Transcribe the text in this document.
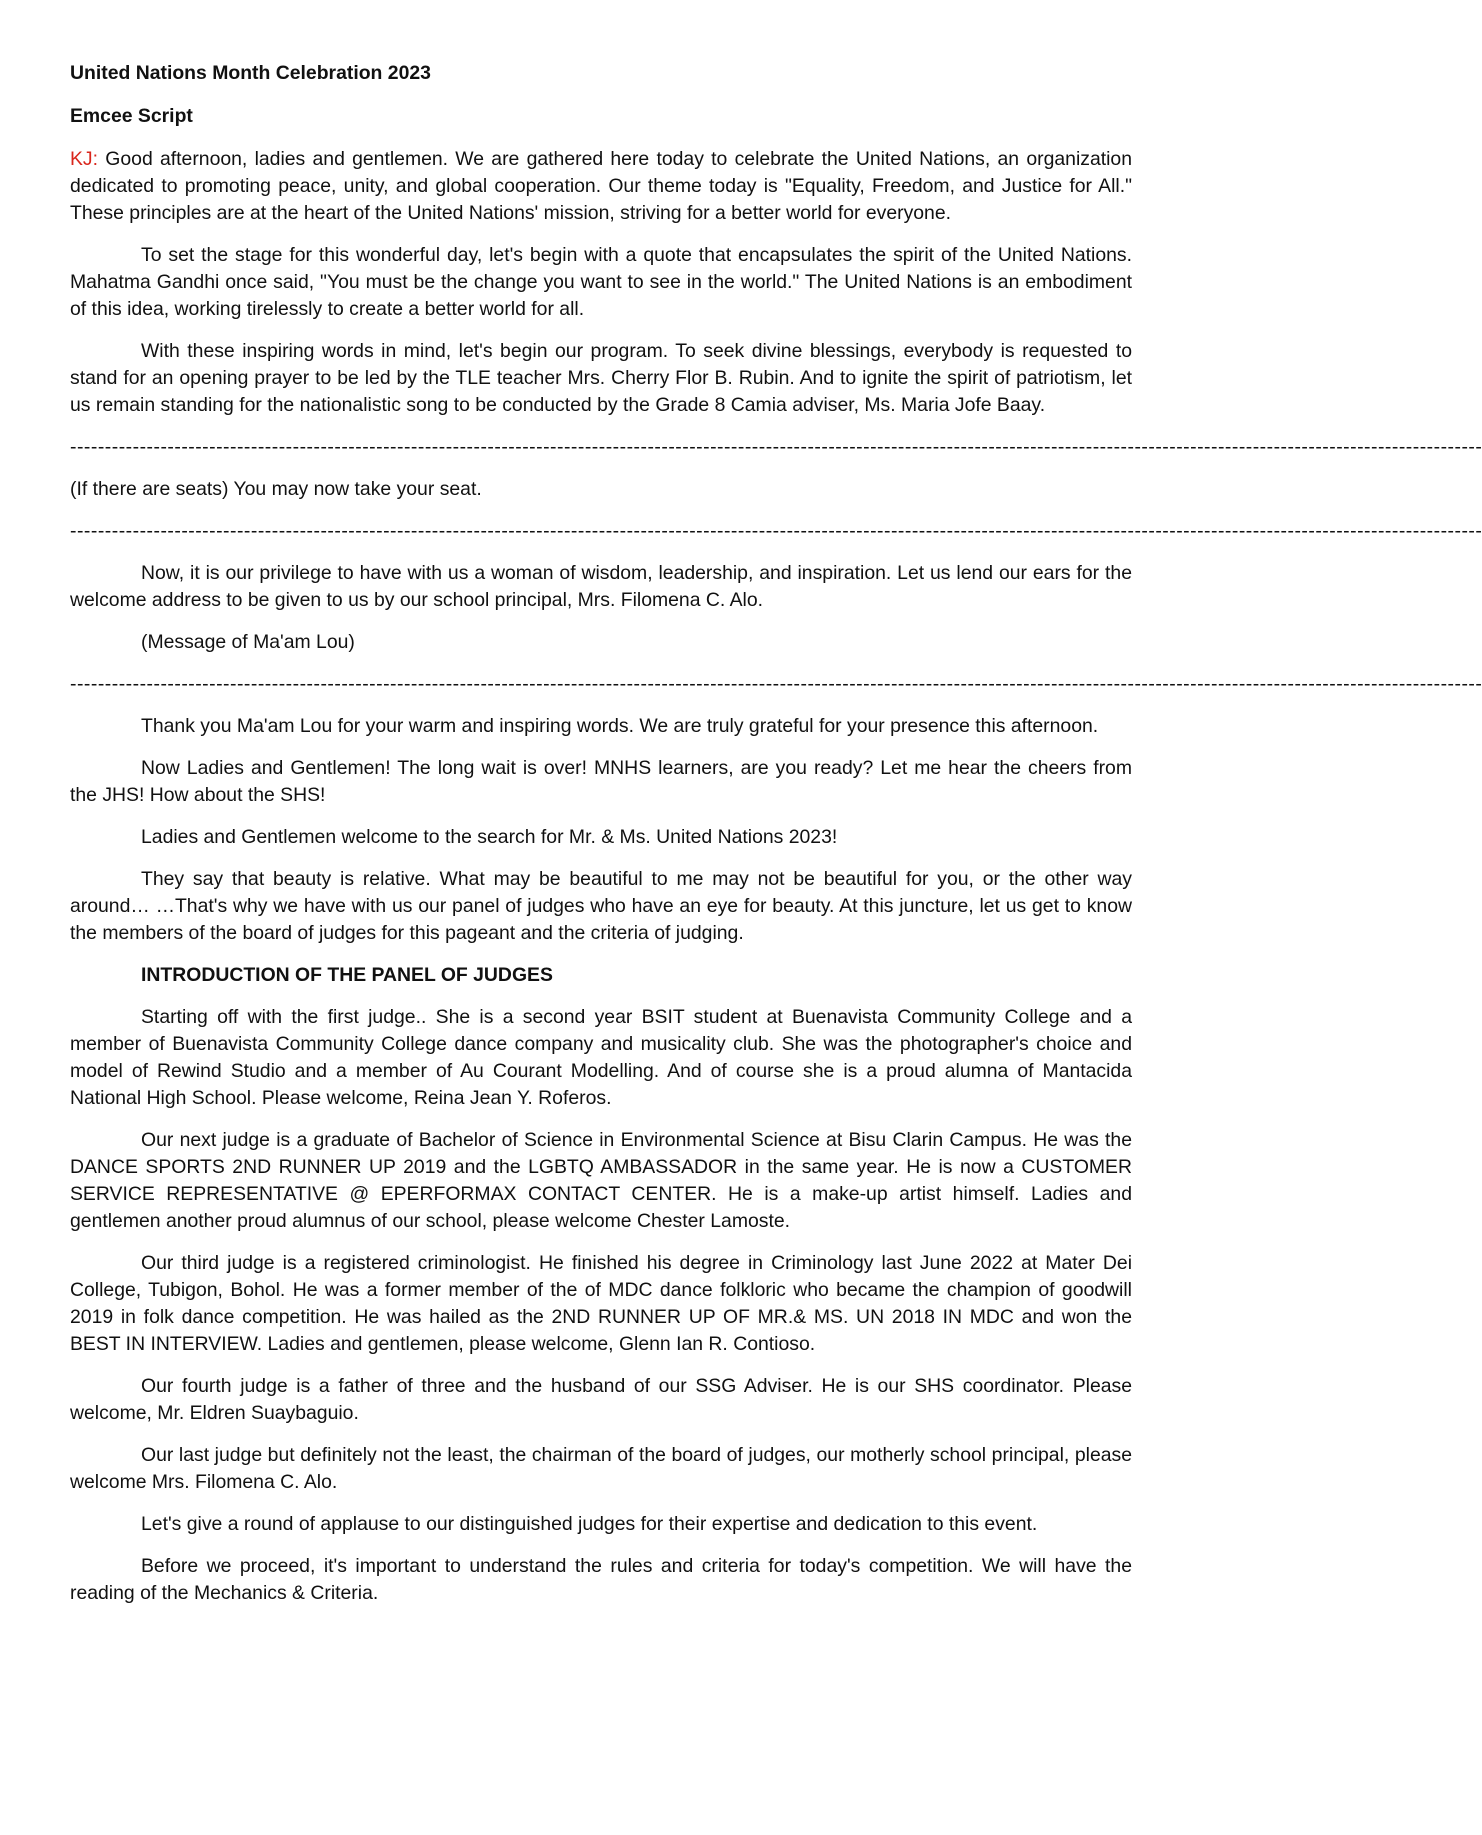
United Nations Month Celebration 2023
Emcee Script

KJ: Good afternoon, ladies and gentlemen. We are gathered here today to celebrate the United Nations, an organization dedicated to promoting peace, unity, and global cooperation. Our theme today is "Equality, Freedom, and Justice for All." These principles are at the heart of the United Nations' mission, striving for a better world for everyone.

To set the stage for this wonderful day, let's begin with a quote that encapsulates the spirit of the United Nations. Mahatma Gandhi once said, "You must be the change you want to see in the world." The United Nations is an embodiment of this idea, working tirelessly to create a better world for all.

With these inspiring words in mind, let's begin our program. To seek divine blessings, everybody is requested to stand for an opening prayer to be led by the TLE teacher Mrs. Cherry Flor B. Rubin. And to ignite the spirit of patriotism, let us remain standing for the nationalistic song to be conducted by the Grade 8 Camia adviser, Ms. Maria Jofe Baay.

-----------------------------------------------------------------------------------------------------------------------------------------------------------------------------------------------------------

(If there are seats) You may now take your seat.

-----------------------------------------------------------------------------------------------------------------------------------------------------------------------------------------------------------

Now, it is our privilege to have with us a woman of wisdom, leadership, and inspiration. Let us lend our ears for the welcome address to be given to us by our school principal, Mrs. Filomena C. Alo.

(Message of Ma'am Lou)

-----------------------------------------------------------------------------------------------------------------------------------------------------------------------------------------------------------

Thank you Ma'am Lou for your warm and inspiring words. We are truly grateful for your presence this afternoon.

Now Ladies and Gentlemen! The long wait is over! MNHS learners, are you ready? Let me hear the cheers from the JHS! How about the SHS!

Ladies and Gentlemen welcome to the search for Mr. & Ms. United Nations 2023!

They say that beauty is relative. What may be beautiful to me may not be beautiful for you, or the other way around… …That's why we have with us our panel of judges who have an eye for beauty. At this juncture, let us get to know the members of the board of judges for this pageant and the criteria of judging.

INTRODUCTION OF THE PANEL OF JUDGES

Starting off with the first judge.. She is a second year BSIT student at Buenavista Community College and a member of Buenavista Community College dance company and musicality club. She was the photographer's choice and model of Rewind Studio and a member of Au Courant Modelling. And of course she is a proud alumna of Mantacida National High School. Please welcome, Reina Jean Y. Roferos.

Our next judge is a graduate of Bachelor of Science in Environmental Science at Bisu Clarin Campus. He was the DANCE SPORTS 2ND RUNNER UP 2019 and the LGBTQ AMBASSADOR in the same year. He is now a CUSTOMER SERVICE REPRESENTATIVE @ EPERFORMAX CONTACT CENTER. He is a make-up artist himself. Ladies and gentlemen another proud alumnus of our school, please welcome Chester Lamoste.

Our third judge is a registered criminologist. He finished his degree in Criminology last June 2022 at Mater Dei College, Tubigon, Bohol. He was a former member of the of MDC dance folkloric who became the champion of goodwill 2019 in folk dance competition. He was hailed as the 2ND RUNNER UP OF MR.& MS. UN 2018 IN MDC and won the BEST IN INTERVIEW. Ladies and gentlemen, please welcome, Glenn Ian R. Contioso.

Our fourth judge is a father of three and the husband of our SSG Adviser. He is our SHS coordinator. Please welcome, Mr. Eldren Suaybaguio.

Our last judge but definitely not the least, the chairman of the board of judges, our motherly school principal, please welcome Mrs. Filomena C. Alo.

Let's give a round of applause to our distinguished judges for their expertise and dedication to this event.

Before we proceed, it's important to understand the rules and criteria for today's competition. We will have the reading of the Mechanics & Criteria.
